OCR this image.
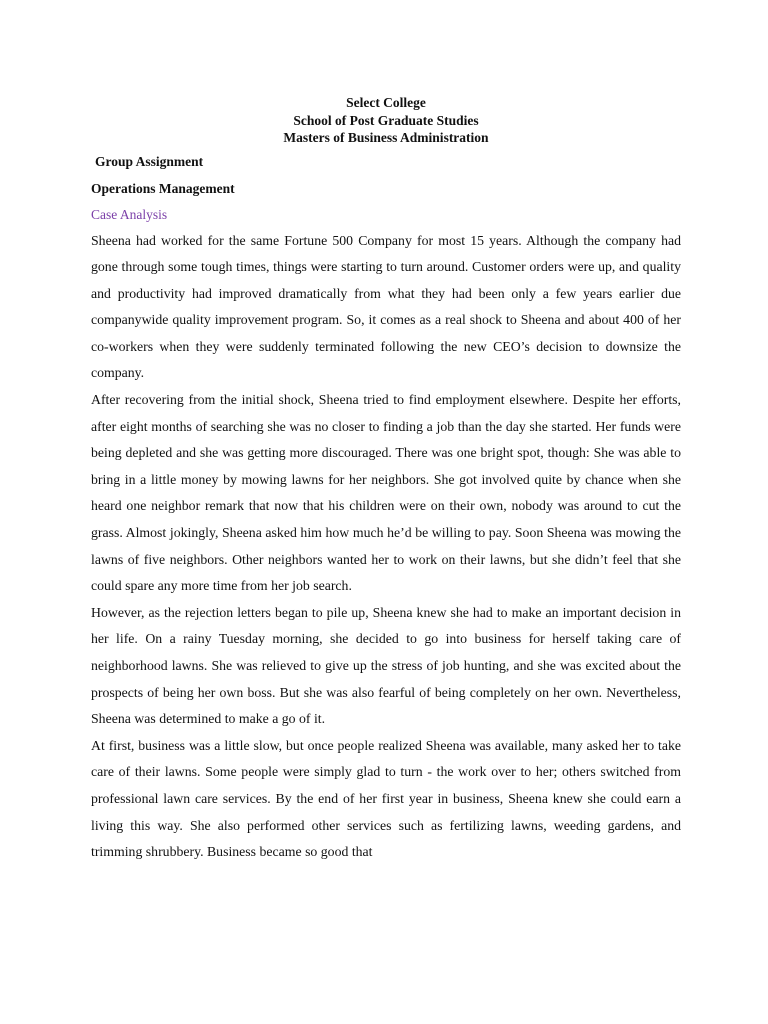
Select College
School of Post Graduate Studies
Masters of Business Administration

Group Assignment

Operations Management

Case Analysis

Sheena had worked for the same Fortune 500 Company for most 15 years. Although the company had gone through some tough times, things were starting to turn around. Customer orders were up, and quality and productivity had improved dramatically from what they had been only a few years earlier due companywide quality improvement program. So, it comes as a real shock to Sheena and about 400 of her co-workers when they were suddenly terminated following the new CEO’s decision to downsize the company.

After recovering from the initial shock, Sheena tried to find employment elsewhere. Despite her efforts, after eight months of searching she was no closer to finding a job than the day she started. Her funds were being depleted and she was getting more discouraged. There was one bright spot, though: She was able to bring in a little money by mowing lawns for her neighbors. She got involved quite by chance when she heard one neighbor remark that now that his children were on their own, nobody was around to cut the grass. Almost jokingly, Sheena asked him how much he’d be willing to pay. Soon Sheena was mowing the lawns of five neighbors. Other neighbors wanted her to work on their lawns, but she didn’t feel that she could spare any more time from her job search.

However, as the rejection letters began to pile up, Sheena knew she had to make an important decision in her life. On a rainy Tuesday morning, she decided to go into business for herself taking care of neighborhood lawns. She was relieved to give up the stress of job hunting, and she was excited about the prospects of being her own boss. But she was also fearful of being completely on her own. Nevertheless, Sheena was determined to make a go of it.

At first, business was a little slow, but once people realized Sheena was available, many asked her to take care of their lawns. Some people were simply glad to turn - the work over to her; others switched from professional lawn care services. By the end of her first year in business, Sheena knew she could earn a living this way. She also performed other services such as fertilizing lawns, weeding gardens, and trimming shrubbery. Business became so good that
